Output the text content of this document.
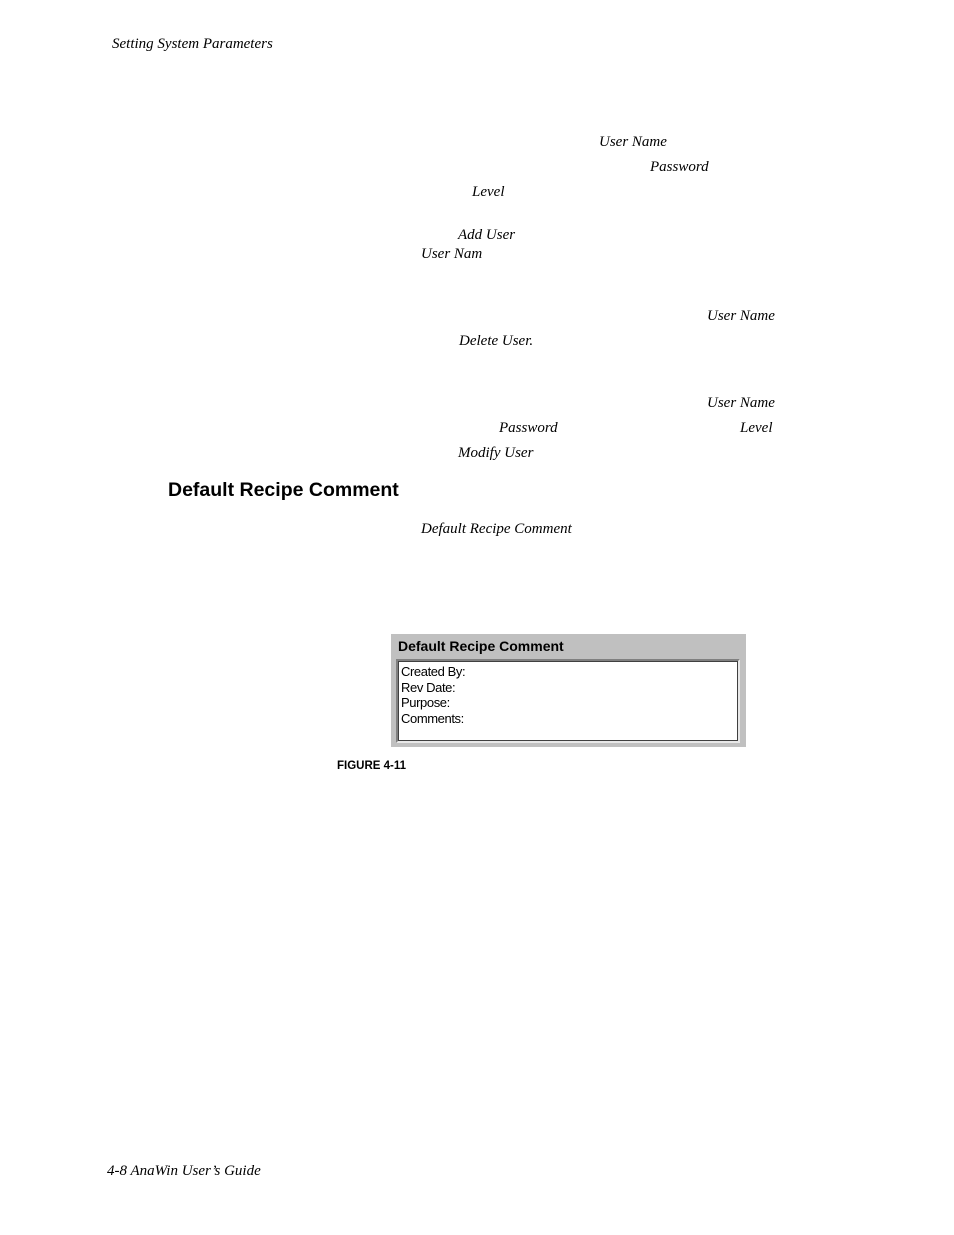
Setting System Parameters
User Name
Password
Level
Add User
User Nam
User Name
Delete User.
User Name
Password	Level
Modify User
Default Recipe Comment
Default Recipe Comment
Default Recipe Comment
Created By:
Rev Date:
Purpose:
Comments:
FIGURE 4-11
4-8 AnaWin User’s Guide
